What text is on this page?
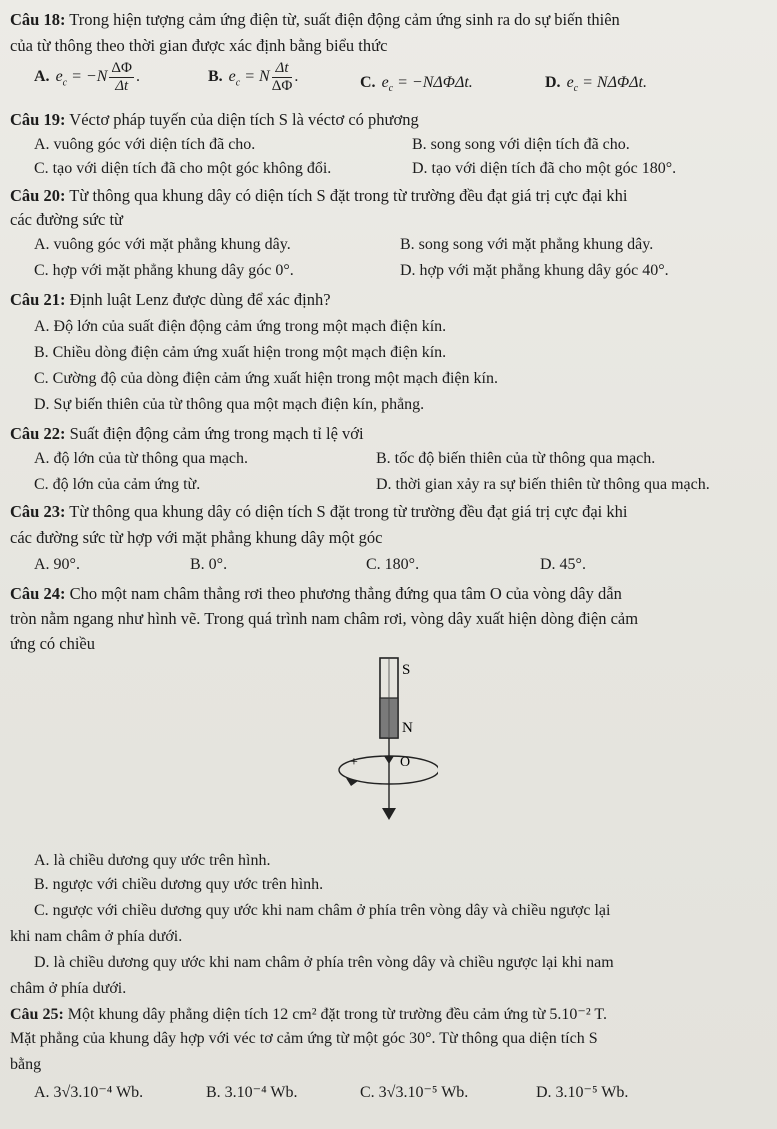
Câu 18: Trong hiện tượng cảm ứng điện từ, suất điện động cảm ứng sinh ra do sự biến thiên
của từ thông theo thời gian được xác định bằng biểu thức
A. $e_c = -N \frac{\Delta\Phi}{\Delta t}$ .	B. $e_c = N \frac{\Delta t}{\Delta\Phi}$ .	C. $e_c = -N\Delta\Phi\Delta t$.	D. $e_c = N\Delta\Phi\Delta t$.
Câu 19: Véctơ pháp tuyến của diện tích S là véctơ có phương
A. vuông góc với diện tích đã cho.	B. song song với diện tích đã cho.
C. tạo với diện tích đã cho một góc không đổi.	D. tạo với diện tích đã cho một góc 180°.
Câu 20: Từ thông qua khung dây có diện tích S đặt trong từ trường đều đạt giá trị cực đại khi
các đường sức từ
A. vuông góc với mặt phẳng khung dây.	B. song song với mặt phẳng khung dây.
C. hợp với mặt phẳng khung dây góc 0°.	D. hợp với mặt phẳng khung dây góc 40°.
Câu 21: Định luật Lenz được dùng để xác định?
A. Độ lớn của suất điện động cảm ứng trong một mạch điện kín.
B. Chiều dòng điện cảm ứng xuất hiện trong một mạch điện kín.
C. Cường độ của dòng điện cảm ứng xuất hiện trong một mạch điện kín.
D. Sự biến thiên của từ thông qua một mạch điện kín, phẳng.
Câu 22: Suất điện động cảm ứng trong mạch tỉ lệ với
A. độ lớn của từ thông qua mạch.	B. tốc độ biến thiên của từ thông qua mạch.
C. độ lớn của cảm ứng từ.	D. thời gian xảy ra sự biến thiên từ thông qua mạch.
Câu 23: Từ thông qua khung dây có diện tích S đặt trong từ trường đều đạt giá trị cực đại khi
các đường sức từ hợp với mặt phẳng khung dây một góc
A. 90°.	B. 0°.	C. 180°.	D. 45°.
Câu 24: Cho một nam châm thẳng rơi theo phương thẳng đứng qua tâm O của vòng dây dẫn
tròn nằm ngang như hình vẽ. Trong quá trình nam châm rơi, vòng dây xuất hiện dòng điện cảm
ứng có chiều
S
N
O
+
A. là chiều dương quy ước trên hình.
B. ngược với chiều dương quy ước trên hình.
C. ngược với chiều dương quy ước khi nam châm ở phía trên vòng dây và chiều ngược lại
khi nam châm ở phía dưới.
D. là chiều dương quy ước khi nam châm ở phía trên vòng dây và chiều ngược lại khi nam
châm ở phía dưới.
Câu 25: Một khung dây phẳng diện tích 12 cm² đặt trong từ trường đều cảm ứng từ 5.10⁻² T.
Mặt phẳng của khung dây hợp với véc tơ cảm ứng từ một góc 30°. Từ thông qua diện tích S
bằng
A. 3√3.10⁻⁴ Wb.	B. 3.10⁻⁴ Wb.	C. 3√3.10⁻⁵ Wb.	D. 3.10⁻⁵ Wb.
